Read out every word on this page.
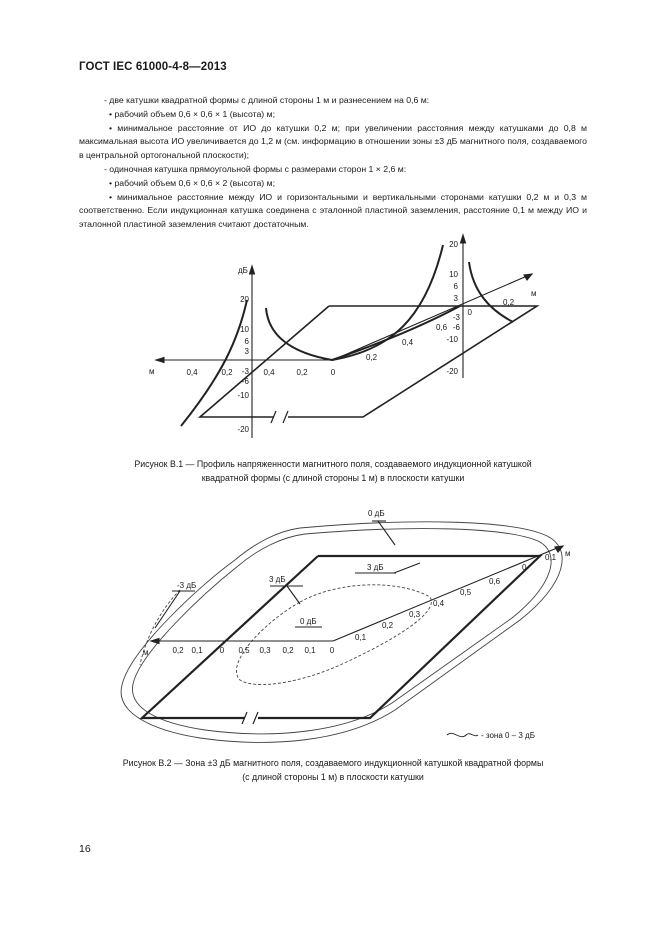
ГОСТ IEC 61000-4-8—2013

- две катушки квадратной формы с длиной стороны 1 м и разнесением на 0,6 м:

• рабочий объем 0,6 × 0,6 × 1 (высота) м;

• минимальное расстояние от ИО до катушки 0,2 м; при увеличении расстояния между катушками до 0,8 м максимальная высота ИО увеличивается до 1,2 м (см. информацию в отношении зоны ±3 дБ магнитного поля, создаваемого в центральной ортогональной плоскости);

- одиночная катушка прямоугольной формы с размерами сторон 1 × 2,6 м:

• рабочий объем 0,6 × 0,6 × 2 (высота) м;

• минимальное расстояние между ИО и горизонтальными и вертикальными сторонами катушки 0,2 м и 0,3 м соответственно. Если индукционная катушка соединена с эталонной пластиной заземления, расстояние 0,1 м между ИО и эталонной пластиной заземления считают достаточным.

20
10
6
3
-3
-6
-10
-20
20
10
6
3
0
-3
-6
-10
-20
0,4	0,2	0,4	0,2	0
0,2
0,4
0,6
0,2
дБ
м
м
Рисунок В.1 — Профиль напряженности магнитного поля, создаваемого индукционной катушкой
квадратной формы (с длиной стороны 1 м) в плоскости катушки
0,2 0,1 0 0,5 0,3 0,2 0,1 0
0,1
0,2
0,3
0,4
0,5
0,6
0
0,1
0 дБ
3 дБ
-3 дБ
3 дБ
0 дБ
м
м
- зона 0 – 3 дБ
Рисунок В.2 — Зона ±3 дБ магнитного поля, создаваемого индукционной катушкой квадратной формы
(с длиной стороны 1 м) в плоскости катушки
16
